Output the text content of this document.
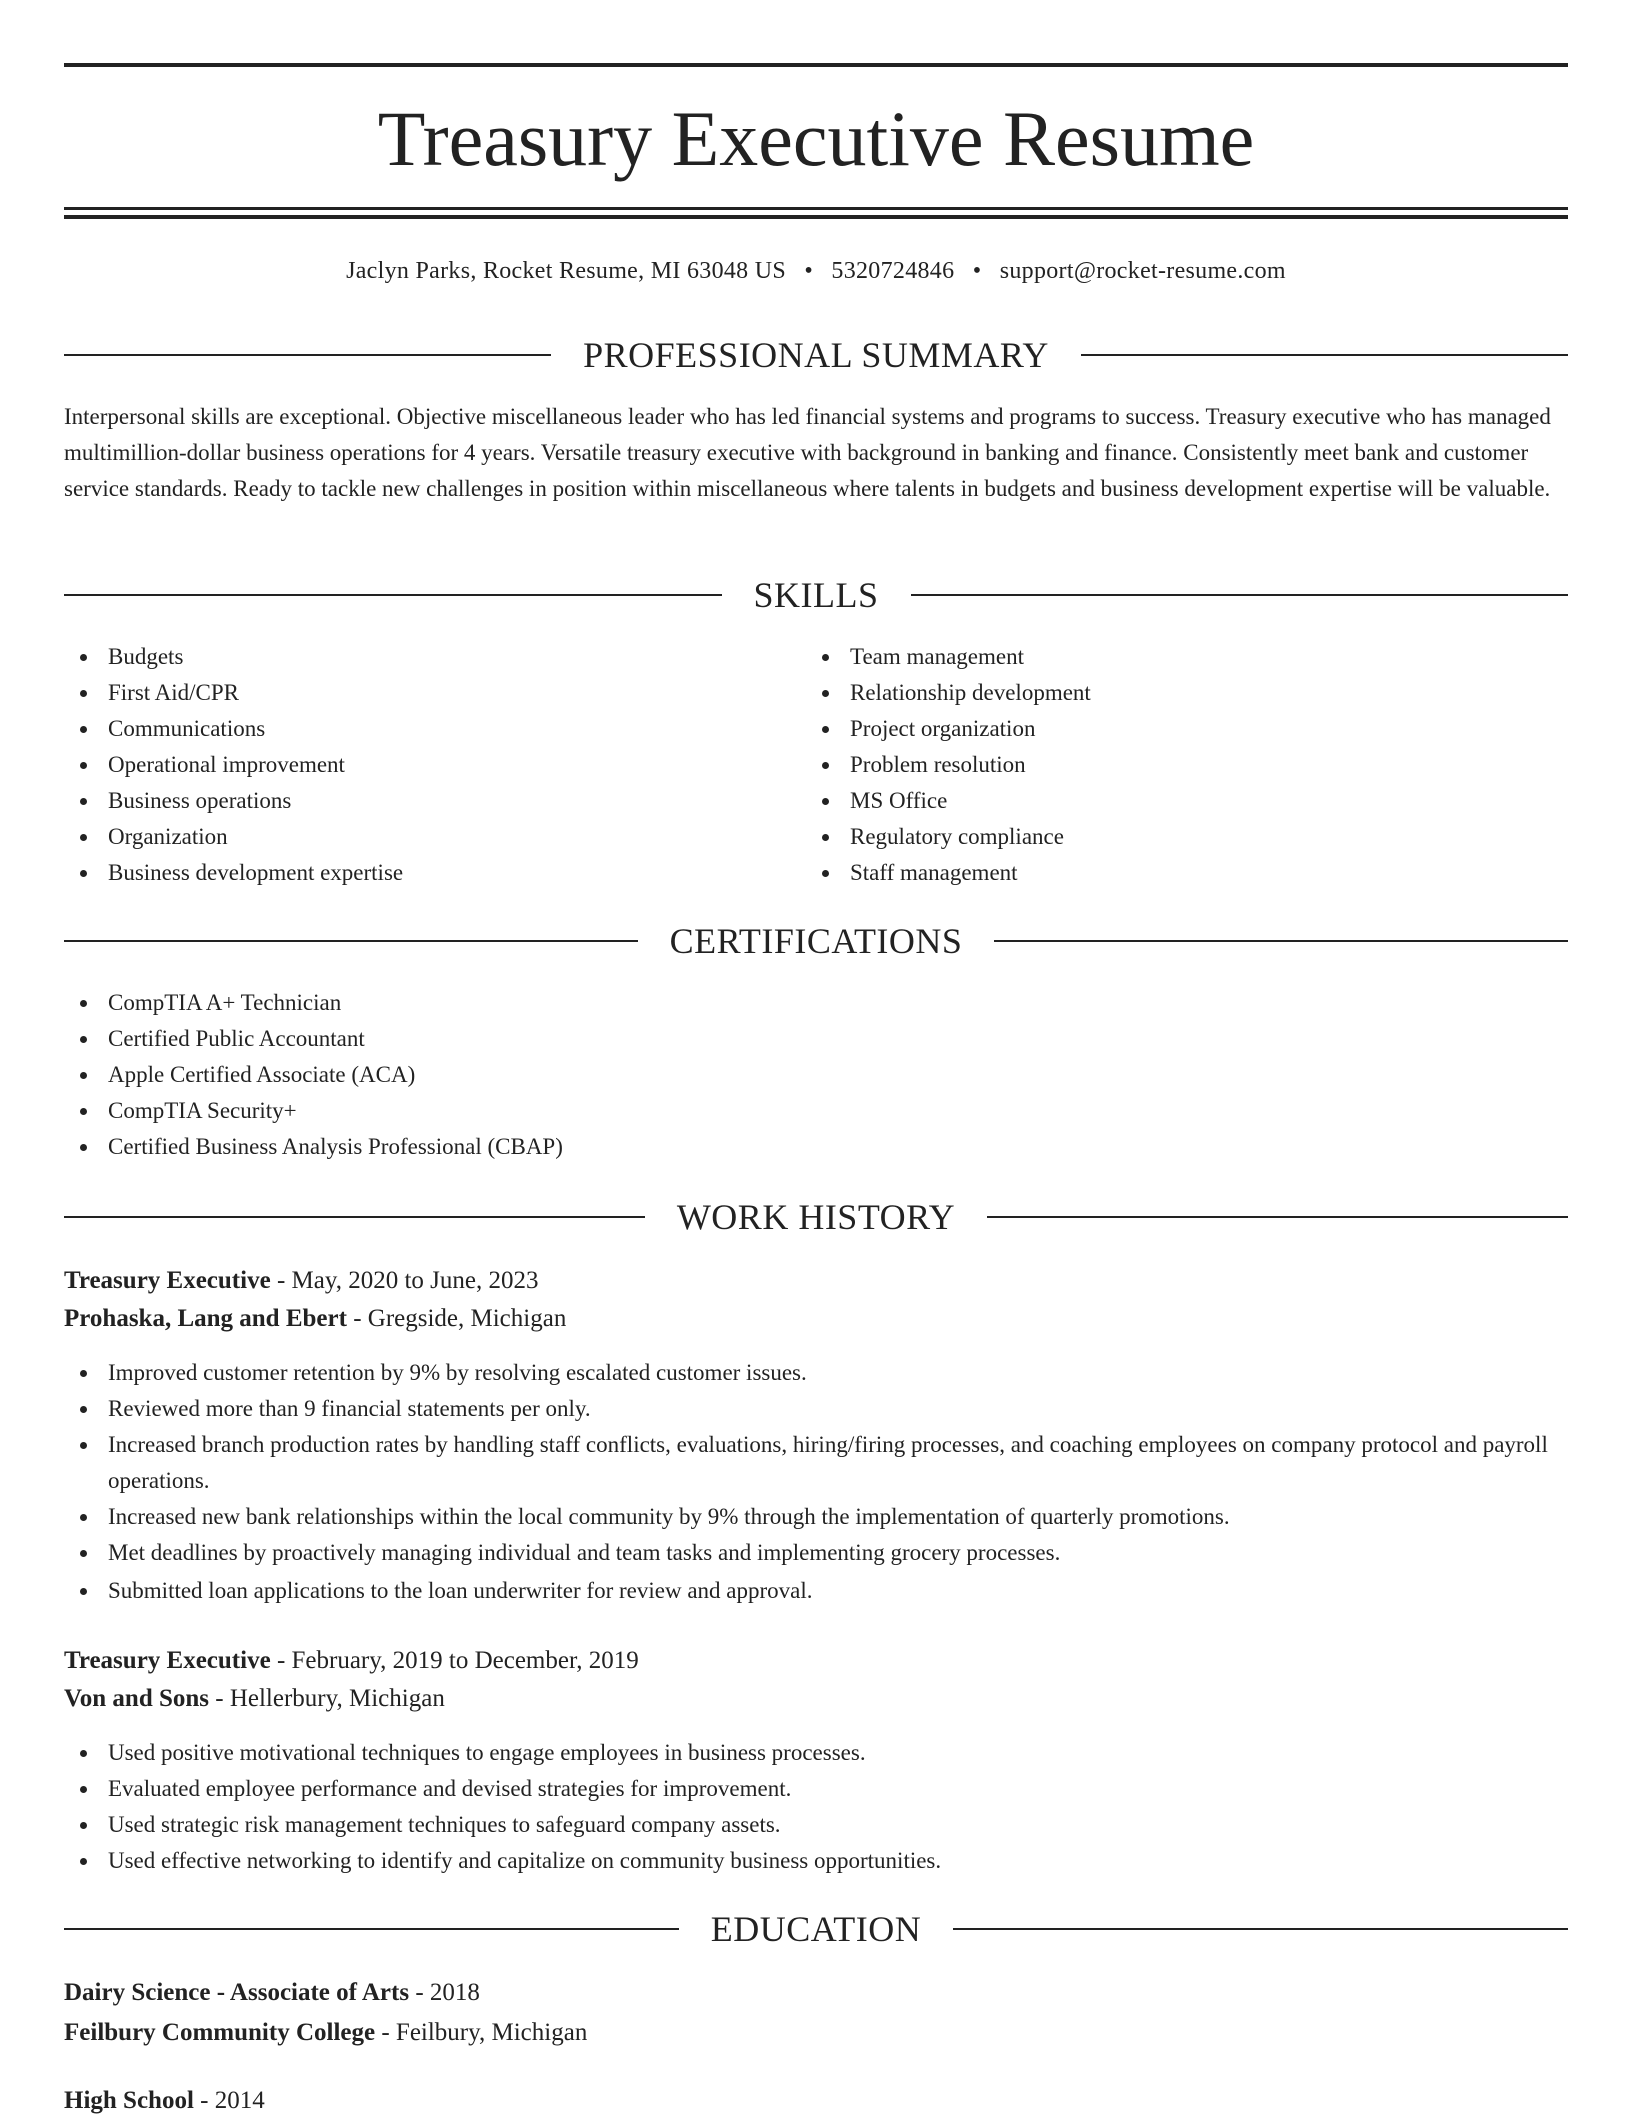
Treasury Executive Resume
Jaclyn Parks, Rocket Resume, MI 63048 US • 5320724846 • support@rocket-resume.com
PROFESSIONAL SUMMARY

Interpersonal skills are exceptional. Objective miscellaneous leader who has led financial systems and programs to success. Treasury executive who has managed multimillion-dollar business operations for 4 years. Versatile treasury executive with background in banking and finance. Consistently meet bank and customer service standards. Ready to tackle new challenges in position within miscellaneous where talents in budgets and business development expertise will be valuable.

SKILLS
Budgets
First Aid/CPR
Communications
Operational improvement
Business operations
Organization
Business development expertise
Team management
Relationship development
Project organization
Problem resolution
MS Office
Regulatory compliance
Staff management
CERTIFICATIONS
CompTIA A+ Technician
Certified Public Accountant
Apple Certified Associate (ACA)
CompTIA Security+
Certified Business Analysis Professional (CBAP)
WORK HISTORY
Treasury Executive - May, 2020 to June, 2023
Prohaska, Lang and Ebert - Gregside, Michigan
Improved customer retention by 9% by resolving escalated customer issues.
Reviewed more than 9 financial statements per only.
Increased branch production rates by handling staff conflicts, evaluations, hiring/firing processes, and coaching employees on company protocol and payroll operations.
Increased new bank relationships within the local community by 9% through the implementation of quarterly promotions.
Met deadlines by proactively managing individual and team tasks and implementing grocery processes.
Submitted loan applications to the loan underwriter for review and approval.
Treasury Executive - February, 2019 to December, 2019
Von and Sons - Hellerbury, Michigan
Used positive motivational techniques to engage employees in business processes.
Evaluated employee performance and devised strategies for improvement.
Used strategic risk management techniques to safeguard company assets.
Used effective networking to identify and capitalize on community business opportunities.
EDUCATION
Dairy Science - Associate of Arts - 2018
Feilbury Community College - Feilbury, Michigan
High School - 2014
